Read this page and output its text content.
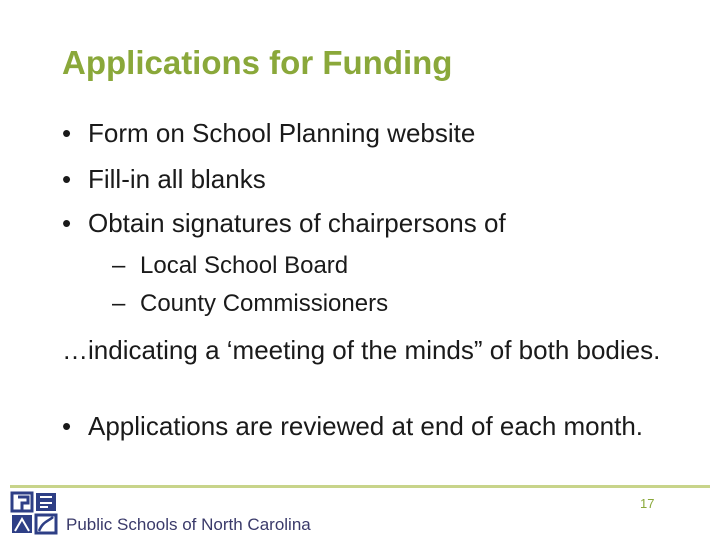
Applications for Funding
• Form on School Planning website
• Fill-in all blanks
• Obtain signatures of chairpersons of
– Local School Board
– County Commissioners
…indicating a ‘meeting of the minds” of both bodies.
• Applications are reviewed at end of each month.
Public Schools of North Carolina
17
